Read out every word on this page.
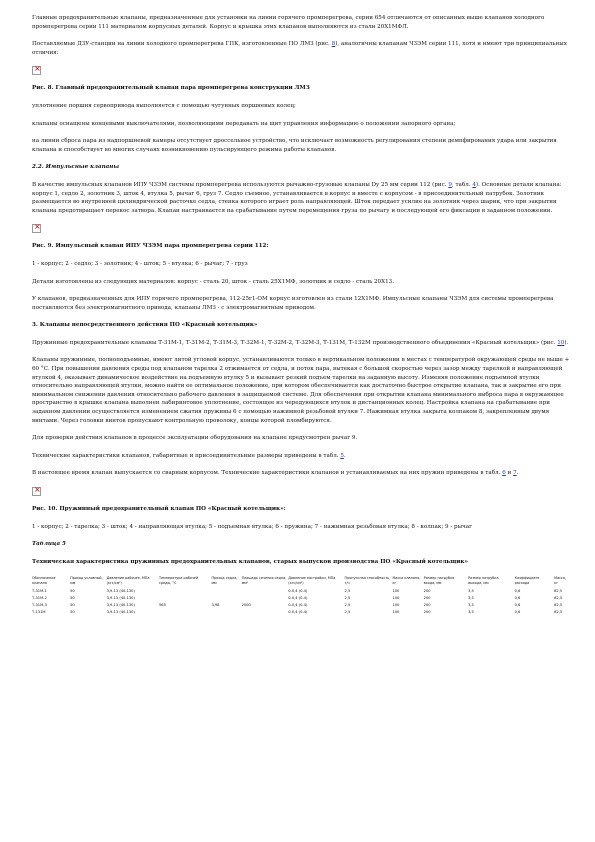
Главные предохранительные клапаны, предназначенные для установки на линии горячего промперегрева, серии 654 отличаются от описанных выше клапанов холодного промперегрева серии 111 материалом корпусных деталей. Корпус и крышка этих клапанов выполняются из стали 20Х1МФЛ.

Поставляемые ДЗУ-станции на линии холодного промперегрева ГПК, изготовленные ПО ЛМЗ (рис. 8), аналогичны клапанам ЧЗЭМ серии 111, хотя и имеют три принципиальных отличия:

×

Рис. 8. Главный предохранительный клапан пара промперегрева конструкции ЛМЗ

уплотнение поршня сервопривода выполняется с помощью чугунных поршневых колец;

клапаны оснащены концевыми выключателями, позволяющими передавать на щит управления информацию о положении запорного органа;

на линии сброса пара из надпоршневой камеры отсутствует дроссельное устройство, что исключает возможность регулирования степени демпфирования удара или закрытия клапана и способствует во многих случаях возникновению пульсирующего режима работы клапанов.

2.2. Импульсные клапаны

В качестве импульсных клапанов ИПУ ЧЗЭМ системы промперегрева используются рычажно-грузовые клапаны Dy 25 мм серии 112 (рис. 9, табл. 4). Основные детали клапана: корпус 1, седло 2, золотник 3, шток 4, втулка 5, рычаг 6, груз 7. Седло съемное, устанавливается в корпус и вместе с корпусом - в присоединительный патрубок. Золотник размещается во внутренней цилиндрической расточке седла, стенка которого играет роль направляющей. Шток передает усилие на золотник через шарик, что при закрытии клапана предотвращает перекос затвора. Клапан настраивается на срабатывание путем перемещения груза по рычагу и последующей его фиксации в заданном положении.

×

Рис. 9. Импульсный клапан ИПУ ЧЗЭМ пара промперегрева серии 112:

1 - корпус; 2 - седло; 3 - золотник; 4 - шток; 5 - втулка; 6 - рычаг; 7 - груз

Детали изготовлены из следующих материалов: корпус - сталь 20, шток - сталь 25Х1МФ, золотник и седло - сталь 20Х13.

У клапанов, предназначенных для ИПУ горячего промперегрева, 112-25г1-ОМ корпус изготовлен из стали 12Х1МФ. Импульсные клапаны ЧЗЭМ для системы промперегрева поставляются без электромагнитного привода, клапаны ЛМЗ - с электромагнитным приводом.

3. Клапаны непосредственного действия ПО «Красный котельщик»

Пружинные предохранительные клапаны Т-31М-1, Т-31М-2, Т-31М-3, Т-32М-1, Т-32М-2, Т-32М-3, Т-131М, Т-132М производственного объединения «Красный котельщик» (рис. 10).

Клапаны пружинные, полноподъемные, имеют литой угловой корпус, устанавливаются только в вертикальном положении в местах с температурой окружающей среды не выше + 60 °С. При повышении давления среды под клапаном тарелка 2 отжимается от седла, и поток пара, вытекая с большой скоростью через зазор между тарелкой и направляющей втулкой 4, оказывает динамическое воздействие на подъемную втулку 5 и вызывает резкий подъем тарелки на заданную высоту. Изменяя положение подъемной втулки относительно направляющей втулки, можно найти ее оптимальное положение, при котором обеспечивается как достаточно быстрое открытие клапана, так и закрытие его при минимальном снижении давления относительно рабочего давления в защищаемой системе. Для обеспечения при открытии клапана минимального выброса пара в окружающее пространство в крышке клапана выполнен лабиринтовое уплотнение, состоящее из чередующихся втулок и дистанционных колец. Настройка клапана на срабатывание при заданном давлении осуществляется изменением сжатия пружины 6 с помощью нажимной резьбовой втулки 7. Нажимная втулка закрыта колпаком 8, закрепленным двумя винтами. Через головки винтов пропускают контрольную проволоку, концы которой пломбируются.

Для проверки действия клапанов в процессе эксплуатации оборудования на клапане предусмотрен рычаг 9.

Технические характеристики клапанов, габаритные и присоединительные размеры приведены в табл. 5.

В настоящее время клапан выпускается со сварным корпусом. Технические характеристики клапанов и устанавливаемых на них пружин приведены в табл. 6 и 7.

×

Рис. 10. Пружинный предохранительный клапан ПО «Красный котельщик»:

1 - корпус; 2 - тарелка; 3 - шток; 4 - направляющая втулка; 5 - подъемная втулка; 6 - пружина; 7 - нажимная резьбовая втулка; 8 - колпак; 9 - рычаг

Таблица 5

Техническая характеристика пружинных предохранительных клапанов, старых выпусков производства ПО «Красный котельщик»

Обозначение клапана	Проход условный, мм	Давление рабочее, МПа (кгс/см²)	Температура рабочей среды, °С	Проход седла, мм	Площадь сечения седла, мм²	Давление настройки, МПа (кгс/см²)	Пропускная способность, т/ч	Масса клапана, кг	Размер патрубка входа, мм	Размер патрубка выхода, мм	Коэффициент расхода	Масса, кг
Т-31М-1	50	3,9-13 (40-130)				0-0,4 (0-4)	2,5	100	200	3,5	0,6	82,5
Т-31М-2	50	3,9-13 (40-130)				0-0,4 (0-4)	2,5	100	200	3,5	0,6	82,5
Т-31М-3	50	3,9-13 (40-130)	565	3,98	2000	0-0,4 (0-4)	2,5	100	200	3,5	0,6	82,5
Т-131М	50	3,9-13 (40-130)				0-0,4 (0-4)	2,5	100	200	3,5	0,6	82,5
